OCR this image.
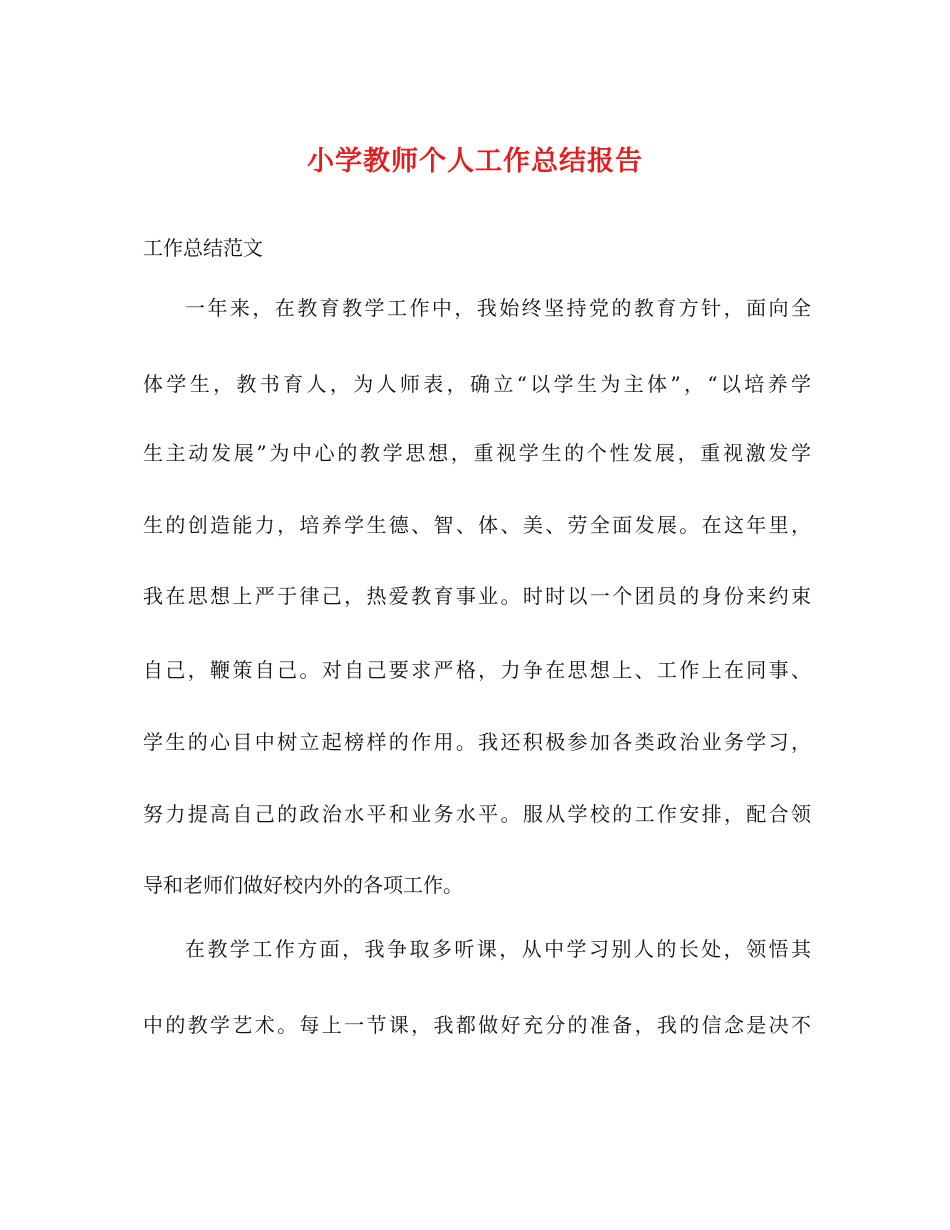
小学教师个人工作总结报告

工作总结范文

一年来，在教育教学工作中，我始终坚持党的教育方针，面向全

体学生，教书育人，为人师表，确立“以学生为主体”，“以培养学

生主动发展”为中心的教学思想，重视学生的个性发展，重视激发学

生的创造能力，培养学生德、智、体、美、劳全面发展。在这年里，

我在思想上严于律己，热爱教育事业。时时以一个团员的身份来约束

自己，鞭策自己。对自己要求严格，力争在思想上、工作上在同事、

学生的心目中树立起榜样的作用。我还积极参加各类政治业务学习，

努力提高自己的政治水平和业务水平。服从学校的工作安排，配合领

导和老师们做好校内外的各项工作。

在教学工作方面，我争取多听课，从中学习别人的长处，领悟其

中的教学艺术。每上一节课，我都做好充分的准备，我的信念是决不
